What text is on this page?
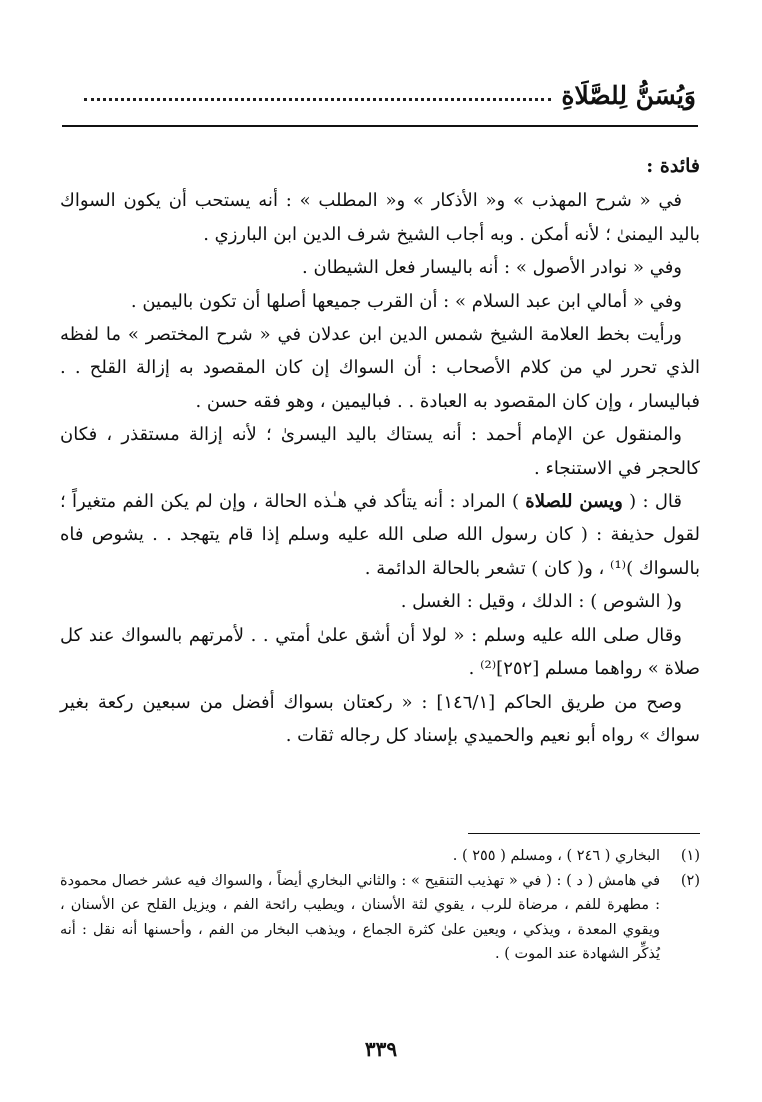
وَيُسَنُّ لِلصَّلَاةِ

فائدة :

في « شرح المهذب » و« الأذكار » و« المطلب » : أنه يستحب أن يكون السواك باليد اليمنىٰ ؛ لأنه أمكن . وبه أجاب الشيخ شرف الدين ابن البارزي .

وفي « نوادر الأصول » : أنه باليسار فعل الشيطان .

وفي « أمالي ابن عبد السلام » : أن القرب جميعها أصلها أن تكون باليمين .

ورأيت بخط العلامة الشيخ شمس الدين ابن عدلان في « شرح المختصر » ما لفظه الذي تحرر لي من كلام الأصحاب : أن السواك إن كان المقصود به إزالة القلح . . فباليسار ، وإن كان المقصود به العبادة . . فباليمين ، وهو فقه حسن .

والمنقول عن الإمام أحمد : أنه يستاك باليد اليسرىٰ ؛ لأنه إزالة مستقذر ، فكان كالحجر في الاستنجاء .

قال : ( ويسن للصلاة ) المراد : أنه يتأكد في هـٰذه الحالة ، وإن لم يكن الفم متغيراً ؛ لقول حذيفة : ( كان رسول الله صلى الله عليه وسلم إذا قام يتهجد . . يشوص فاه بالسواك )⁽¹⁾ ، و( كان ) تشعر بالحالة الدائمة .

و( الشوص ) : الدلك ، وقيل : الغسل .

وقال صلى الله عليه وسلم : « لولا أن أشق علىٰ أمتي . . لأمرتهم بالسواك عند كل صلاة » رواهما مسلم [٢٥٢]⁽²⁾ .

وصح من طريق الحاكم [١٤٦/١] : « ركعتان بسواك أفضل من سبعين ركعة بغير سواك » رواه أبو نعيم والحميدي بإسناد كل رجاله ثقات .

(١)
البخاري ( ٢٤٦ ) ، ومسلم ( ٢٥٥ ) .
(٢)
في هامش ( د ) : ( في « تهذيب التنقيح » : والثاني البخاري أيضاً ، والسواك فيه عشر خصال محمودة : مطهرة للفم ، مرضاة للرب ، يقوي لثة الأسنان ، ويطيب رائحة الفم ، ويزيل القلح عن الأسنان ، ويقوي المعدة ، ويذكي ، ويعين علىٰ كثرة الجماع ، ويذهب البخار من الفم ، وأحسنها أنه نقل : أنه يُذكِّر الشهادة عند الموت ) .
٣٣٩
